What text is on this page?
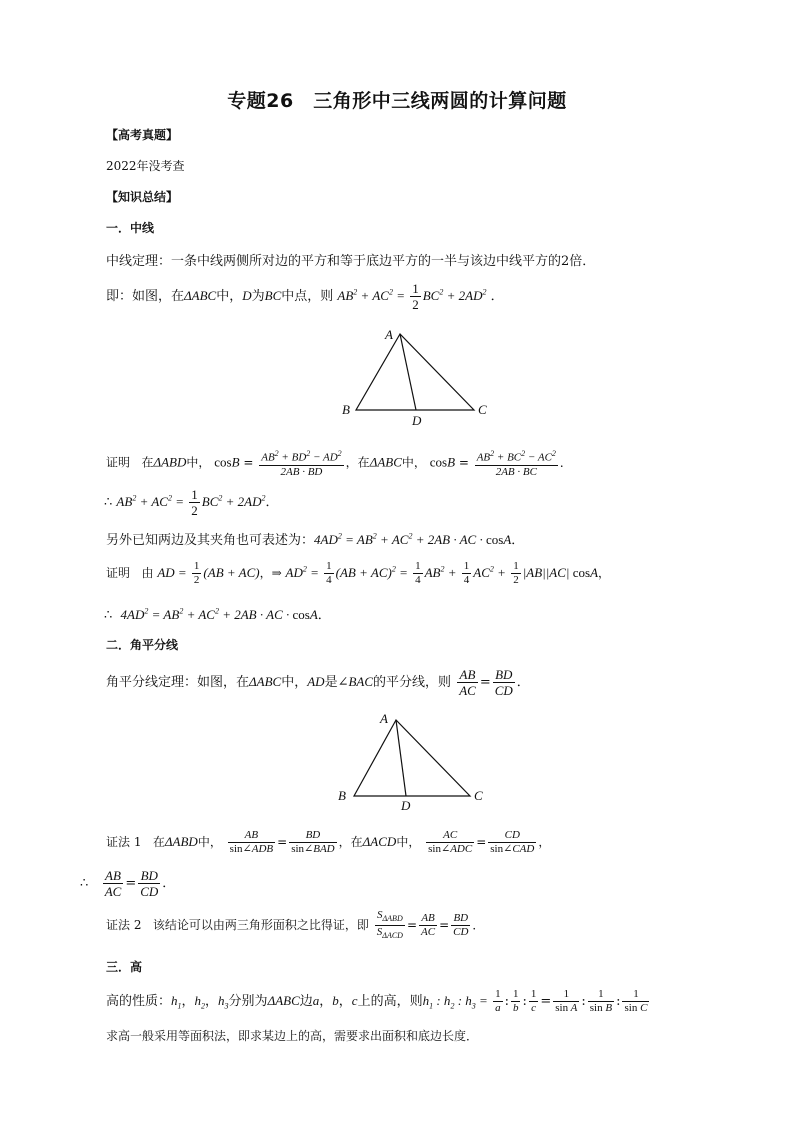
专题26　三角形中三线两圆的计算问题
【高考真题】
2022年没考查
【知识总结】
一．中线
中线定理：一条中线两侧所对边的平方和等于底边平方的一半与该边中线平方的2倍．
即：如图，在ΔABC中，D为BC中点，则 $AB^2 + AC^2 = \frac{1}{2} BC^2 + 2AD^2$ ．
A
B	C
D
证明 在ΔABD中， $\cos B = \frac{AB^2 + BD^2 - AD^2}{2AB \cdot BD}$ ，在ΔABC中， $\cos B = \frac{AB^2 + BC^2 - AC^2}{2AB \cdot BC}$ ．
∴ $AB^2 + AC^2 = \frac{1}{2} BC^2 + 2AD^2$．
另外已知两边及其夹角也可表述为：$4AD^2 = AB^2 + AC^2 + 2AB$ · AC · cosA．
证明 由 AD = $\frac{1}{2} (AB + AC)$，⇒ $AD^2 = \frac{1}{4} (AB + AC)^2 = \frac{1}{4} AB^2 + \frac{1}{4} AC^2 + \frac{1}{2} |AB||AC|$ cosA，
∴ $4AD^2 = AB^2 + AC^2 + 2AB$ · AC · cosA．
二．角平分线
角平分线定理：如图，在ΔABC中，AD是∠BAC的平分线，则 $\frac{AB}{AC} = \frac{BD}{CD}$ ．
A
B	C
D
证法 1 在ΔABD中， $\frac{AB}{\text{sin∠ADB}} = \frac{BD}{\text{sin∠BAD}}$ ，在ΔACD中， $\frac{AC}{\text{sin∠ADC}} = \frac{CD}{\text{sin∠CAD}}$ ，
∴ $\frac{AB}{AC} = \frac{BD}{CD}$ ．
证法 2 该结论可以由两三角形面积之比得证，即 $\frac{S_{\Delta ABD}}{S_{\Delta ACD}} = \frac{AB}{AC} = \frac{BD}{CD}$ ．
三．高
高的性质：$h_1$，$h_2$，$h_3$分别为ΔABC边a，b，c上的高，则$h_1$ : $h_2$ : $h_3 = \frac{1}{a}$ : $\frac{1}{b}$ : $\frac{1}{c} = \frac{1}{\text{sin A}}$ : $\frac{1}{\text{sin B}}$ : $\frac{1}{\text{sin C}}$
求高一般采用等面积法，即求某边上的高，需要求出面积和底边长度．
